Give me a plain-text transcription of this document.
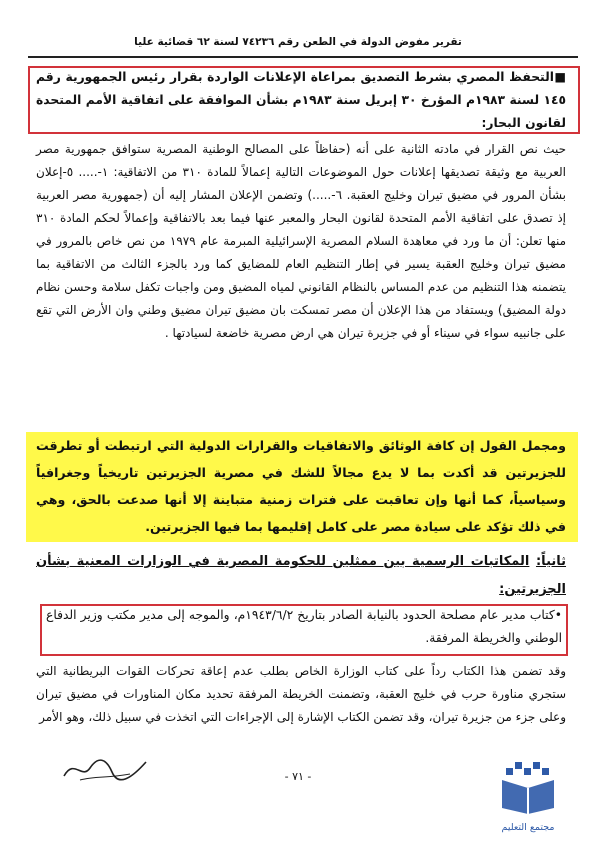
تقرير مفوض الدولة في الطعن رقم ٧٤٢٣٦ لسنة ٦٢ قضائية عليا
■التحفظ المصري بشرط التصديق بمراعاة الإعلانات الواردة بقرار رئيس الجمهورية رقم ١٤٥ لسنة ١٩٨٣م المؤرخ ٣٠ إبريل سنة ١٩٨٣م بشأن الموافقة على اتفاقية الأمم المتحدة لقانون البحار:
حيث نص القرار في مادته الثانية على أنه (حفاظاً على المصالح الوطنية المصرية ستوافق جمهورية مصر العربية مع وثيقة تصديقها إعلانات حول الموضوعات التالية إعمالاً للمادة ٣١٠ من الاتفاقية: ١-..... ٥-إعلان بشأن المرور في مضيق تيران وخليج العقبة. ٦-.....) وتضمن الإعلان المشار إليه أن (جمهورية مصر العربية إذ تصدق على اتفاقية الأمم المتحدة لقانون البحار والمعبر عنها فيما بعد بالاتفاقية وإعمالاً لحكم المادة ٣١٠ منها تعلن: أن ما ورد في معاهدة السلام المصرية الإسرائيلية المبرمة عام ١٩٧٩ من نص خاص بالمرور في مضيق تيران وخليج العقبة يسير في إطار التنظيم العام للمضايق كما ورد بالجزء الثالث من الاتفاقية بما يتضمنه هذا التنظيم من عدم المساس بالنظام القانوني لمياه المضيق ومن واجبات تكفل سلامة وحسن نظام دولة المضيق) ويستفاد من هذا الإعلان أن مصر تمسكت بان مضيق تيران مضيق وطني وان الأرض التي تقع على جانبيه سواء في سيناء أو في جزيرة تيران هي ارض مصرية خاضعة لسيادتها .
ومجمل القول إن كافة الوثائق والاتفاقيات والقرارات الدولية التي ارتبطت أو تطرقت للجزيرتين قد أكدت بما لا يدع مجالاً للشك في مصرية الجزيرتين تاريخياً وجغرافياً وسياسياً، كما أنها وإن تعاقبت على فترات زمنية متباينة إلا أنها صدعت بالحق، وهي في ذلك تؤكد على سيادة مصر على كامل إقليمها بما فيها الجزيرتين.
ثانياً: المكاتبات الرسمية بين ممثلين للحكومة المصرية في الوزارات المعنية بشأن الجزيرتين:
•كتاب مدير عام مصلحة الحدود بالنيابة الصادر بتاريخ ١٩٤٣/٦/٢م، والموجه إلى مدير مكتب وزير الدفاع الوطني والخريطة المرفقة.
وقد تضمن هذا الكتاب رداً على كتاب الوزارة الخاص بطلب عدم إعاقة تحركات القوات البريطانية التي ستجري مناورة حرب في خليج العقبة، وتضمنت الخريطة المرفقة تحديد مكان المناورات في مضيق تيران وعلى جزء من جزيرة تيران، وقد تضمن الكتاب الإشارة إلى الإجراءات التي اتخذت في سبيل ذلك، وهو الأمر
- ٧١ -
مجتمع التعليم
